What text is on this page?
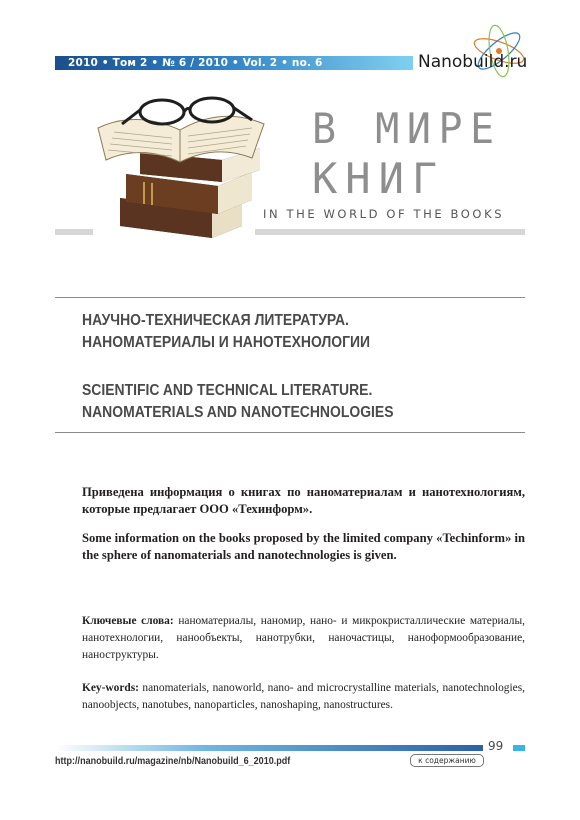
2010 • Том 2 • № 6 / 2010 • Vol. 2 • no. 6	Nanobuild.ru
В МИРЕ
КНИГ
IN THE WORLD OF THE BOOKS
НАУЧНО-ТЕХНИЧЕСКАЯ ЛИТЕРАТУРА.
НАНОМАТЕРИАЛЫ И НАНОТЕХНОЛОГИИ
SCIENTIFIC AND TECHNICAL LITERATURE.
NANOMATERIALS AND NANOTECHNOLOGIES
Приведена информация о книгах по наноматериалам и нанотехнологиям, которые предлагает ООО «Техинформ».
Some information on the books proposed by the limited company «Techinform» in the sphere of nanomaterials and nanotechnologies is given.
Ключевые слова: наноматериалы, наномир, нано- и микрокристаллические материалы, нанотехнологии, нанообъекты, нанотрубки, наночастицы, наноформообразование, наноструктуры.
Key-words: nanomaterials, nanoworld, nano- and microcrystalline materials, nanotechnologies, nanoobjects, nanotubes, nanoparticles, nanoshaping, nanostructures.
99
http://nanobuild.ru/magazine/nb/Nanobuild_6_2010.pdf	к содержанию
